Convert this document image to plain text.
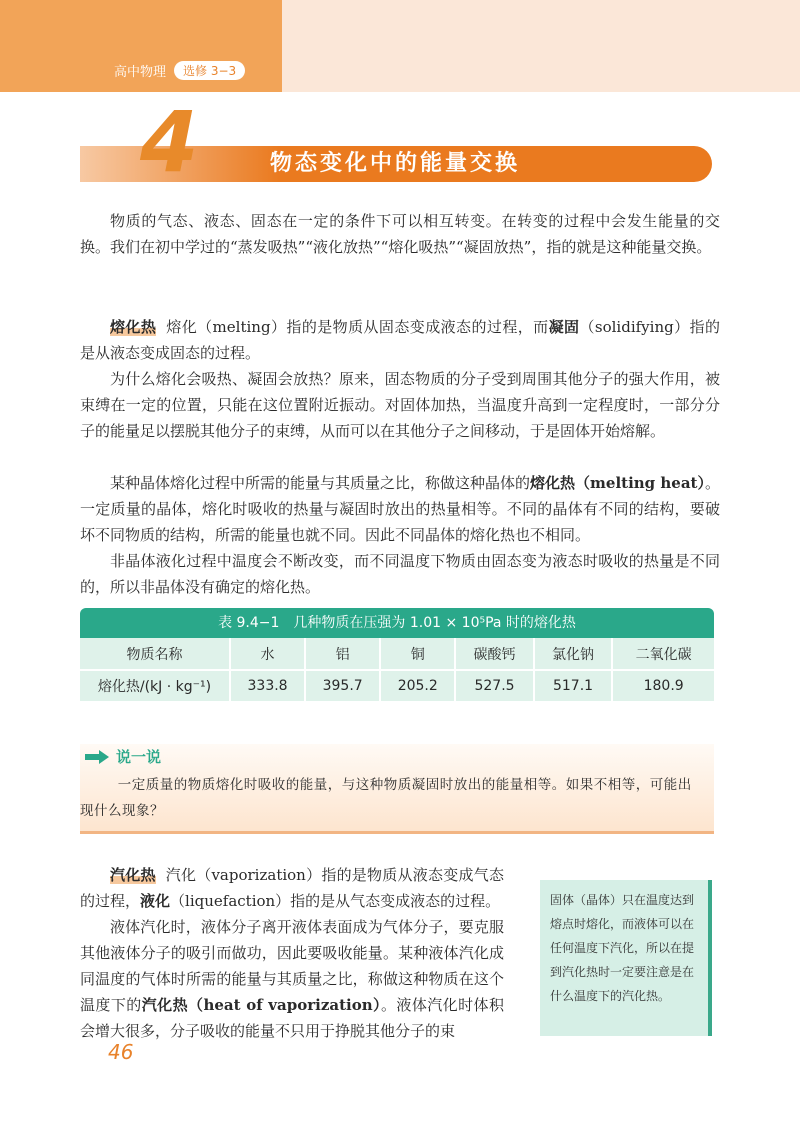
高中物理	选修 3−3
4	物态变化中的能量交换

物质的气态、液态、固态在一定的条件下可以相互转变。在转变的过程中会发生能量的交换。我们在初中学过的“蒸发吸热”“液化放热”“熔化吸热”“凝固放热”，指的就是这种能量交换。

熔化热 熔化（melting）指的是物质从固态变成液态的过程，而凝固（solidifying）指的是从液态变成固态的过程。

为什么熔化会吸热、凝固会放热？原来，固态物质的分子受到周围其他分子的强大作用，被束缚在一定的位置，只能在这位置附近振动。对固体加热，当温度升高到一定程度时，一部分分子的能量足以摆脱其他分子的束缚，从而可以在其他分子之间移动，于是固体开始熔解。

某种晶体熔化过程中所需的能量与其质量之比，称做这种晶体的熔化热（melting heat）。一定质量的晶体，熔化时吸收的热量与凝固时放出的热量相等。不同的晶体有不同的结构，要破坏不同物质的结构，所需的能量也就不同。因此不同晶体的熔化热也不相同。

非晶体液化过程中温度会不断改变，而不同温度下物质由固态变为液态时吸收的热量是不同的，所以非晶体没有确定的熔化热。

表 9.4−1　几种物质在压强为 1.01 × 10⁵Pa 时的熔化热
物质名称	水	铝	铜	碳酸钙	氯化钠	二氧化碳
熔化热/(kJ · kg⁻¹)	333.8	395.7	205.2	527.5	517.1	180.9
说一说
一定质量的物质熔化时吸收的能量，与这种物质凝固时放出的能量相等。如果不相等，可能出现什么现象？

汽化热 汽化（vaporization）指的是物质从液态变成气态的过程，液化（liquefaction）指的是从气态变成液态的过程。

液体汽化时，液体分子离开液体表面成为气体分子，要克服其他液体分子的吸引而做功，因此要吸收能量。某种液体汽化成同温度的气体时所需的能量与其质量之比，称做这种物质在这个温度下的汽化热（heat of vaporization）。液体汽化时体积会增大很多，分子吸收的能量不只用于挣脱其他分子的束

固体（晶体）只在温度达到熔点时熔化，而液体可以在任何温度下汽化，所以在提到汽化热时一定要注意是在什么温度下的汽化热。
46
